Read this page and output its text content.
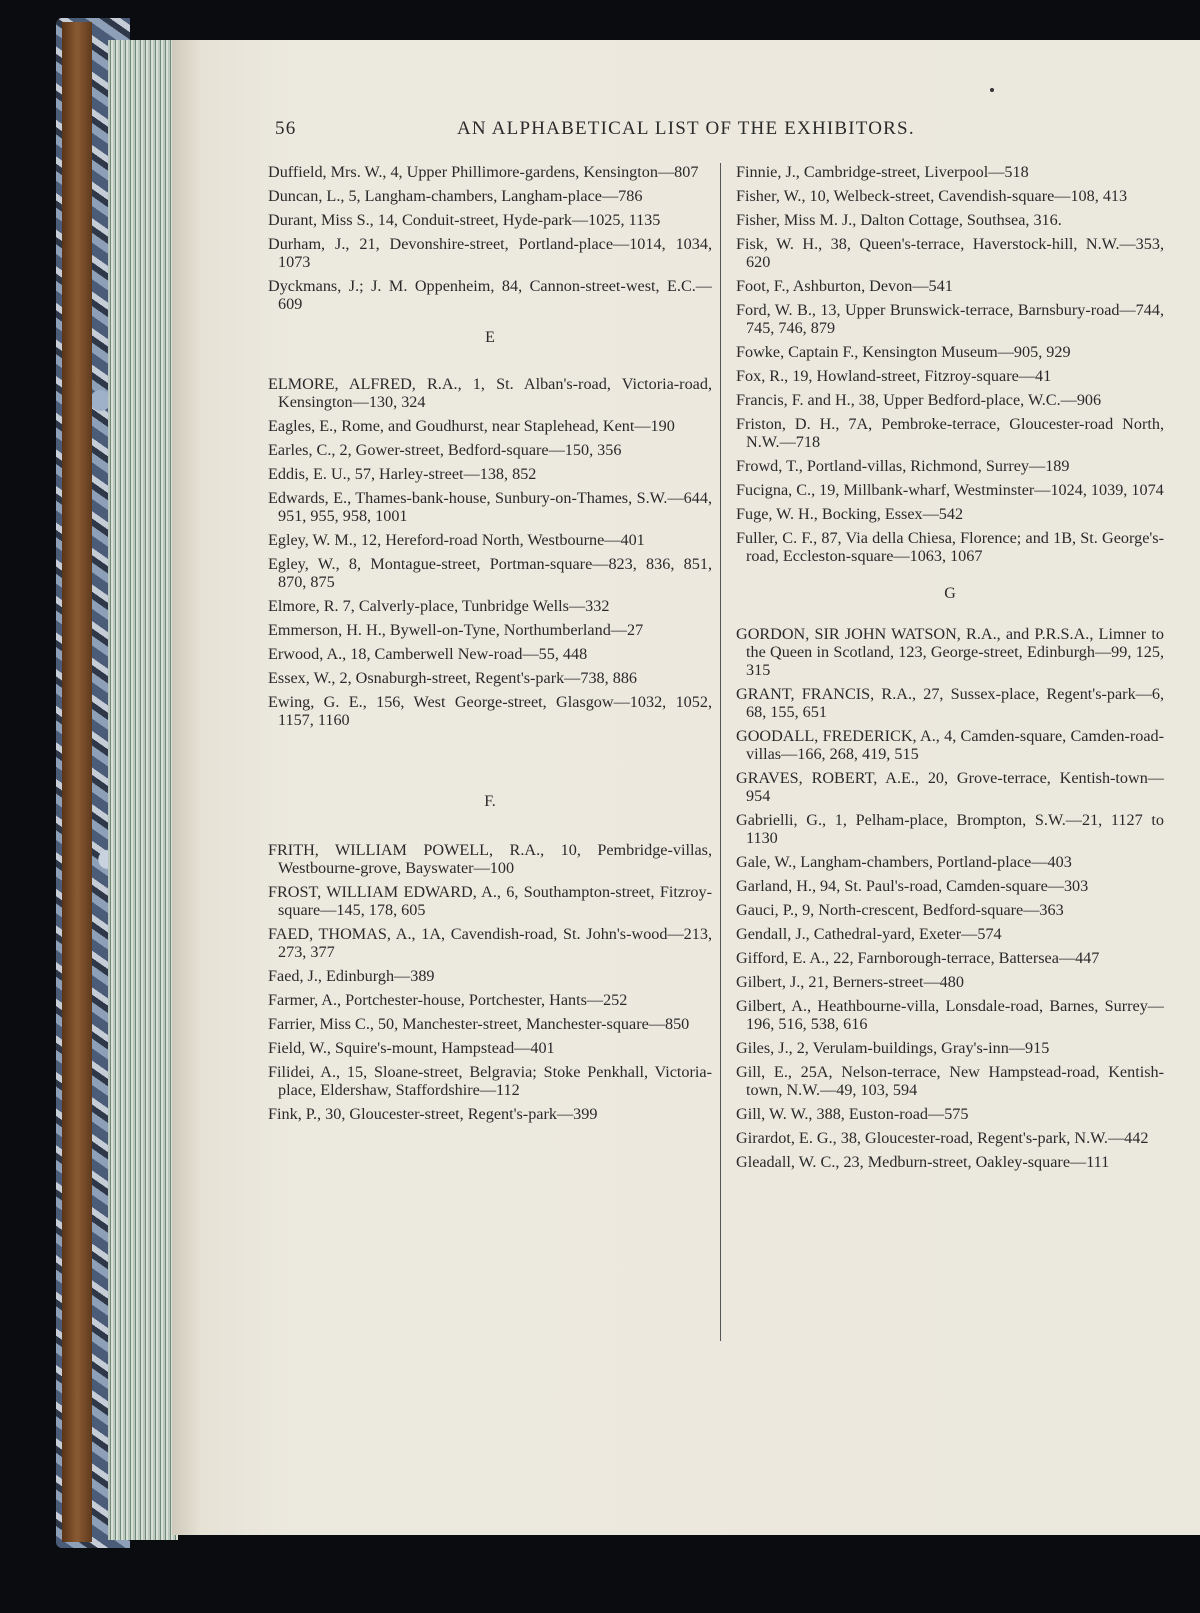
56	AN ALPHABETICAL LIST OF THE EXHIBITORS.

Duffield, Mrs. W., 4, Upper Phillimore-gardens, Kensington—807

Duncan, L., 5, Langham-chambers, Langham-place—786

Durant, Miss S., 14, Conduit-street, Hyde-park—1025, 1135

Durham, J., 21, Devonshire-street, Portland-place—1014, 1034, 1073

Dyckmans, J.; J. M. Oppenheim, 84, Cannon-street-west, E.C.—609

E

ELMORE, ALFRED, R.A., 1, St. Alban's-road, Victoria-road, Kensington—130, 324

Eagles, E., Rome, and Goudhurst, near Staplehead, Kent—190

Earles, C., 2, Gower-street, Bedford-square—150, 356

Eddis, E. U., 57, Harley-street—138, 852

Edwards, E., Thames-bank-house, Sunbury-on-Thames, S.W.—644, 951, 955, 958, 1001

Egley, W. M., 12, Hereford-road North, Westbourne—401

Egley, W., 8, Montague-street, Portman-square—823, 836, 851, 870, 875

Elmore, R. 7, Calverly-place, Tunbridge Wells—332

Emmerson, H. H., Bywell-on-Tyne, Northumberland—27

Erwood, A., 18, Camberwell New-road—55, 448

Essex, W., 2, Osnaburgh-street, Regent's-park—738, 886

Ewing, G. E., 156, West George-street, Glasgow—1032, 1052, 1157, 1160

F.

FRITH, WILLIAM POWELL, R.A., 10, Pembridge-villas, Westbourne-grove, Bayswater—100

FROST, WILLIAM EDWARD, A., 6, Southampton-street, Fitzroy-square—145, 178, 605

FAED, THOMAS, A., 1A, Cavendish-road, St. John's-wood—213, 273, 377

Faed, J., Edinburgh—389

Farmer, A., Portchester-house, Portchester, Hants—252

Farrier, Miss C., 50, Manchester-street, Manchester-square—850

Field, W., Squire's-mount, Hampstead—401

Filidei, A., 15, Sloane-street, Belgravia; Stoke Penkhall, Victoria-place, Eldershaw, Staffordshire—112

Fink, P., 30, Gloucester-street, Regent's-park—399

Finnie, J., Cambridge-street, Liverpool—518

Fisher, W., 10, Welbeck-street, Cavendish-square—108, 413

Fisher, Miss M. J., Dalton Cottage, Southsea, 316.

Fisk, W. H., 38, Queen's-terrace, Haverstock-hill, N.W.—353, 620

Foot, F., Ashburton, Devon—541

Ford, W. B., 13, Upper Brunswick-terrace, Barnsbury-road—744, 745, 746, 879

Fowke, Captain F., Kensington Museum—905, 929

Fox, R., 19, Howland-street, Fitzroy-square—41

Francis, F. and H., 38, Upper Bedford-place, W.C.—906

Friston, D. H., 7A, Pembroke-terrace, Gloucester-road North, N.W.—718

Frowd, T., Portland-villas, Richmond, Surrey—189

Fucigna, C., 19, Millbank-wharf, Westminster—1024, 1039, 1074

Fuge, W. H., Bocking, Essex—542

Fuller, C. F., 87, Via della Chiesa, Florence; and 1B, St. George's-road, Eccleston-square—1063, 1067

G

GORDON, SIR JOHN WATSON, R.A., and P.R.S.A., Limner to the Queen in Scotland, 123, George-street, Edinburgh—99, 125, 315

GRANT, FRANCIS, R.A., 27, Sussex-place, Regent's-park—6, 68, 155, 651

GOODALL, FREDERICK, A., 4, Camden-square, Camden-road-villas—166, 268, 419, 515

GRAVES, ROBERT, A.E., 20, Grove-terrace, Kentish-town—954

Gabrielli, G., 1, Pelham-place, Brompton, S.W.—21, 1127 to 1130

Gale, W., Langham-chambers, Portland-place—403

Garland, H., 94, St. Paul's-road, Camden-square—303

Gauci, P., 9, North-crescent, Bedford-square—363

Gendall, J., Cathedral-yard, Exeter—574

Gifford, E. A., 22, Farnborough-terrace, Battersea—447

Gilbert, J., 21, Berners-street—480

Gilbert, A., Heathbourne-villa, Lonsdale-road, Barnes, Surrey—196, 516, 538, 616

Giles, J., 2, Verulam-buildings, Gray's-inn—915

Gill, E., 25A, Nelson-terrace, New Hampstead-road, Kentish-town, N.W.—49, 103, 594

Gill, W. W., 388, Euston-road—575

Girardot, E. G., 38, Gloucester-road, Regent's-park, N.W.—442

Gleadall, W. C., 23, Medburn-street, Oakley-square—111
